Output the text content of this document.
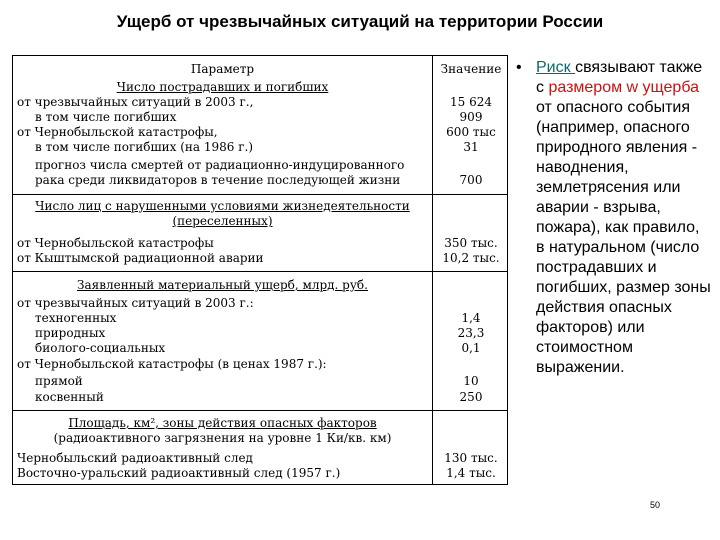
Ущерб от чрезвычайных ситуаций на территории России
Параметр	Значение
Число пострадавших и погибших
от чрезвычайных ситуаций в 2003 г.,	15 624
в том числе погибших	909
от Чернобыльской катастрофы,	600 тыс
в том числе погибших (на 1986 г.)	31
прогноз числа смертей от радиационно-индуцированного
рака среди ликвидаторов в течение последующей жизни	700
Число лиц с нарушенными условиями жизнедеятельности
(переселенных)
от Чернобыльской катастрофы	350 тыс.
от Кыштымской радиационной аварии	10,2 тыс.
Заявленный материальный ущерб, млрд. руб.
от чрезвычайных ситуаций в 2003 г.:
техногенных	1,4
природных	23,3
биолого-социальных	0,1
от Чернобыльской катастрофы (в ценах 1987 г.):
прямой	10
косвенный	250
Площадь, км², зоны действия опасных факторов
(радиоактивного загрязнения на уровне 1 Ки/кв. км)
Чернобыльский радиоактивный след	130 тыс.
Восточно-уральский радиоактивный след (1957 г.)	1,4 тыс.
• Риск связывают также с размером w ущерба от опасного события (например, опасного природного явления - наводнения, землетрясения или аварии - взрыва, пожара), как правило, в натуральном (число пострадавших и погибших, размер зоны действия опасных факторов) или стоимостном выражении.
50
